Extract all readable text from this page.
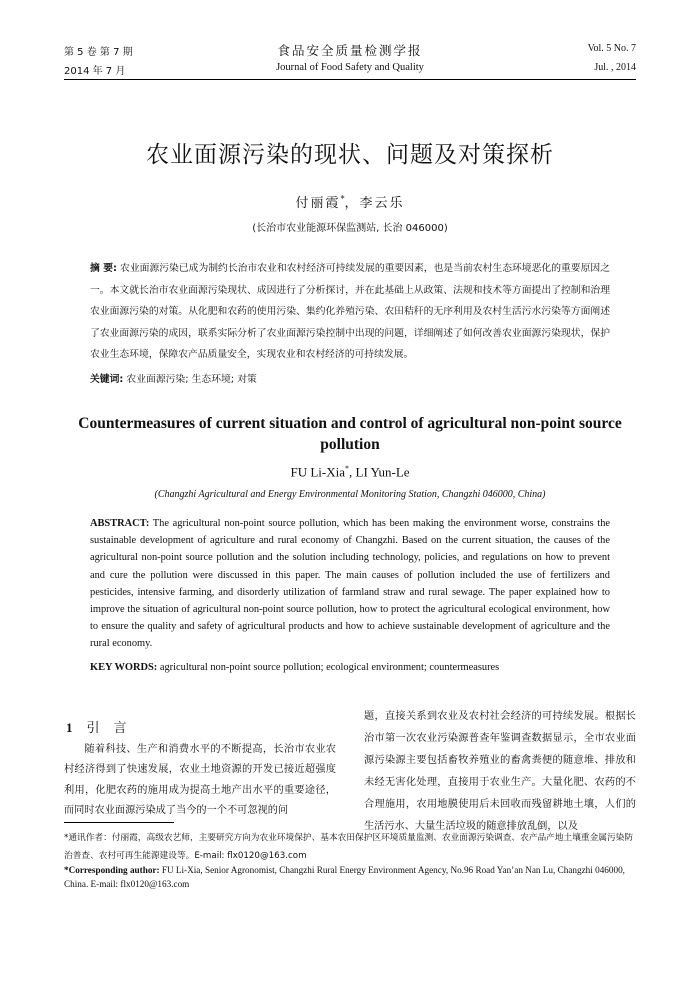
第 5 卷 第 7 期
2014 年 7 月
食品安全质量检测学报
Journal of Food Safety and Quality
Vol. 5 No. 7
Jul. , 2014
农业面源污染的现状、问题及对策探析
付丽霞*，李云乐
(长治市农业能源环保监测站, 长治 046000)
摘 要: 农业面源污染已成为制约长治市农业和农村经济可持续发展的重要因素，也是当前农村生态环境恶化的重要原因之一。本文就长治市农业面源污染现状、成因进行了分析探讨，并在此基础上从政策、法规和技术等方面提出了控制和治理农业面源污染的对策。从化肥和农药的使用污染、集约化养殖污染、农田秸秆的无序利用及农村生活污水污染等方面阐述了农业面源污染的成因，联系实际分析了农业面源污染控制中出现的问题，详细阐述了如何改善农业面源污染现状，保护农业生态环境，保障农产品质量安全，实现农业和农村经济的可持续发展。
关键词: 农业面源污染; 生态环境; 对策
Countermeasures of current situation and control of agricultural non-point source pollution
FU Li-Xia*, LI Yun-Le
(Changzhi Agricultural and Energy Environmental Monitoring Station, Changzhi 046000, China)
ABSTRACT: The agricultural non-point source pollution, which has been making the environment worse, constrains the sustainable development of agriculture and rural economy of Changzhi. Based on the current situation, the causes of the agricultural non-point source pollution and the solution including technology, policies, and regulations on how to prevent and cure the pollution were discussed in this paper. The main causes of pollution included the use of fertilizers and pesticides, intensive farming, and disorderly utilization of farmland straw and rural sewage. The paper explained how to improve the situation of agricultural non-point source pollution, how to protect the agricultural ecological environment, how to ensure the quality and safety of agricultural products and how to achieve sustainable development of agriculture and the rural economy.
KEY WORDS: agricultural non-point source pollution; ecological environment; countermeasures
1 引言
随着科技、生产和消费水平的不断提高，长治市农业农村经济得到了快速发展，农业土地资源的开发已接近超强度利用，化肥农药的施用成为提高土地产出水平的重要途径，而同时农业面源污染成了当今的一个不可忽视的问
题，直接关系到农业及农村社会经济的可持续发展。根据长治市第一次农业污染源普查年鉴调查数据显示，全市农业面源污染源主要包括畜牧养殖业的畜禽粪便的随意堆、排放和未经无害化处理，直接用于农业生产。大量化肥、农药的不合理施用，农用地膜使用后未回收而残留耕地土壤，人们的生活污水、大量生活垃圾的随意排放乱倒，以及
*通讯作者：付丽霞，高级农艺师，主要研究方向为农业环境保护、基本农田保护区环境质量监测、农业面源污染调查、农产品产地土壤重金属污染防治普查、农村可再生能源建设等。E-mail: flx0120@163.com
*Corresponding author: FU Li-Xia, Senior Agronomist, Changzhi Rural Energy Environment Agency, No.96 Road Yan’an Nan Lu, Changzhi 046000, China. E-mail: flx0120@163.com
